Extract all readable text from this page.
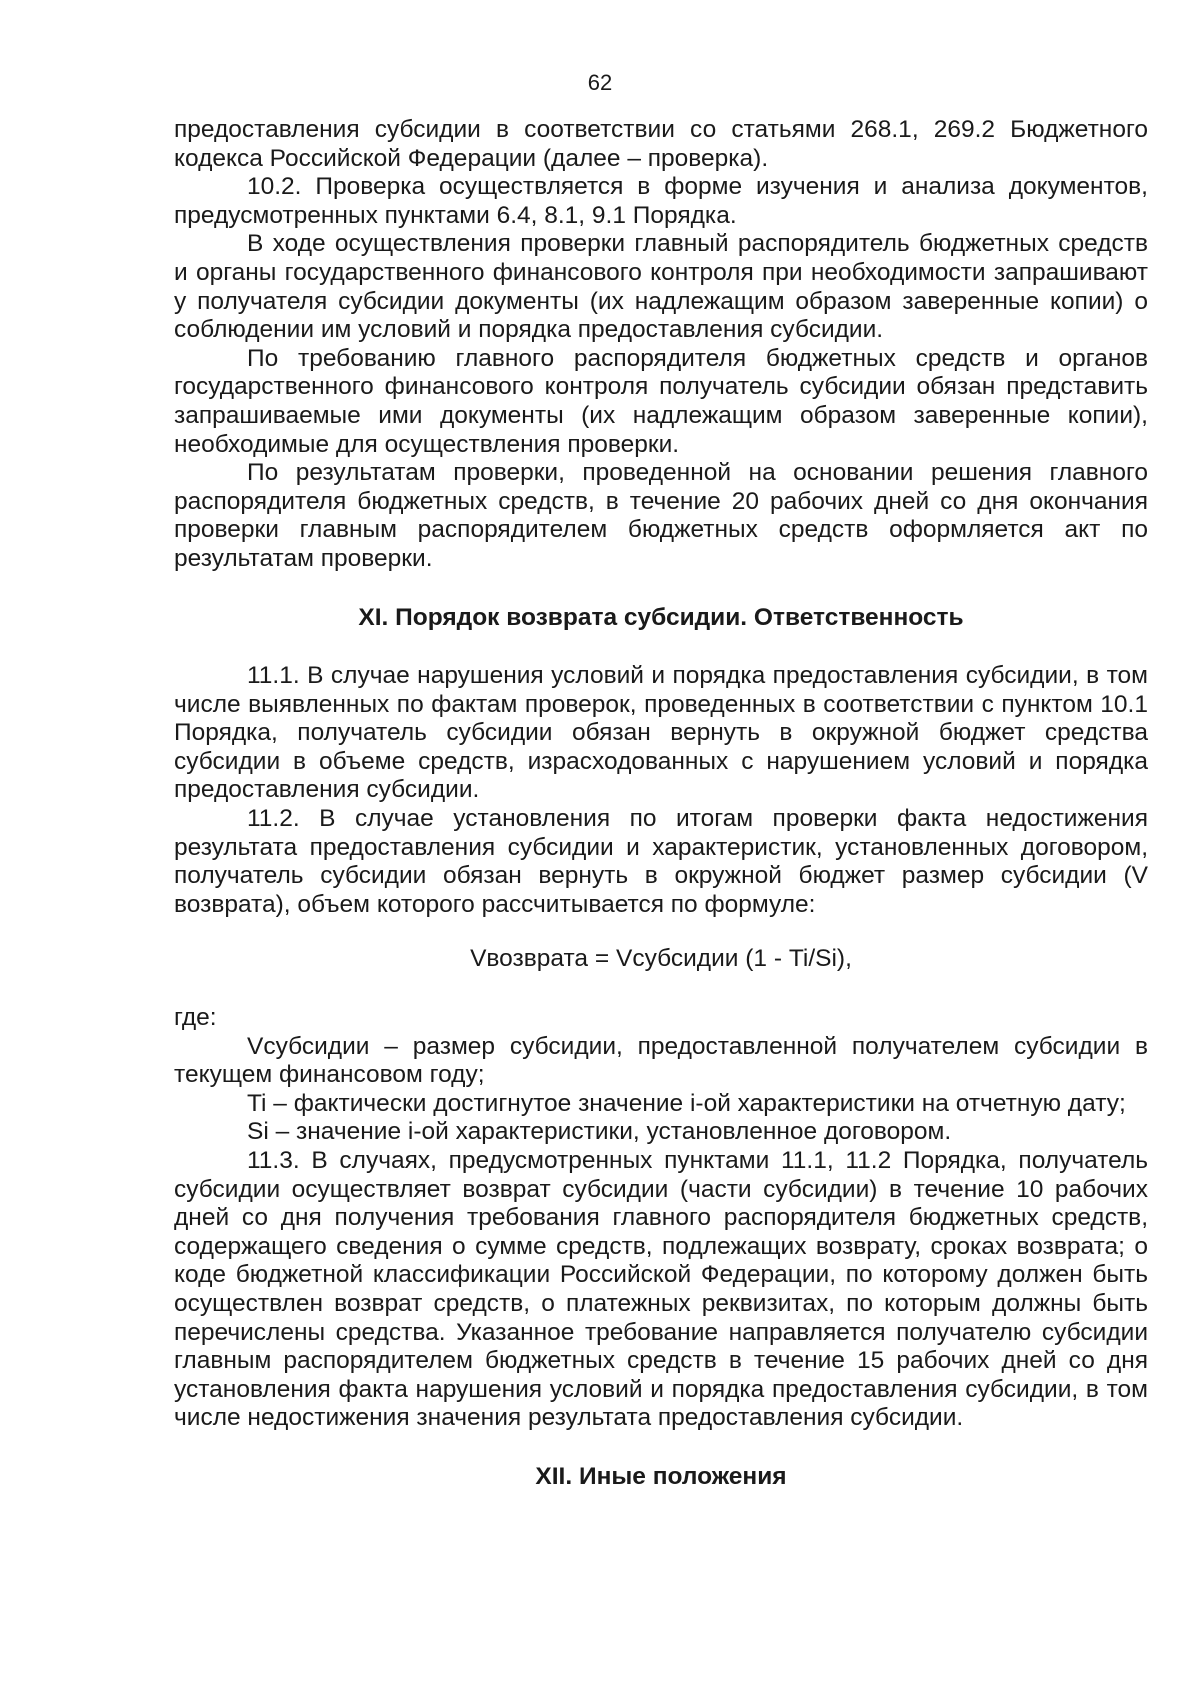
62

предоставления субсидии в соответствии со статьями 268.1, 269.2 Бюджетного кодекса Российской Федерации (далее – проверка).

10.2. Проверка осуществляется в форме изучения и анализа документов, предусмотренных пунктами 6.4, 8.1, 9.1 Порядка.

В ходе осуществления проверки главный распорядитель бюджетных средств и органы государственного финансового контроля при необходимости запрашивают у получателя субсидии документы (их надлежащим образом заверенные копии) о соблюдении им условий и порядка предоставления субсидии.

По требованию главного распорядителя бюджетных средств и органов государственного финансового контроля получатель субсидии обязан представить запрашиваемые ими документы (их надлежащим образом заверенные копии), необходимые для осуществления проверки.

По результатам проверки, проведенной на основании решения главного распорядителя бюджетных средств, в течение 20 рабочих дней со дня окончания проверки главным распорядителем бюджетных средств оформляется акт по результатам проверки.

XI. Порядок возврата субсидии. Ответственность

11.1. В случае нарушения условий и порядка предоставления субсидии, в том числе выявленных по фактам проверок, проведенных в соответствии с пунктом 10.1 Порядка, получатель субсидии обязан вернуть в окружной бюджет средства субсидии в объеме средств, израсходованных с нарушением условий и порядка предоставления субсидии.

11.2. В случае установления по итогам проверки факта недостижения результата предоставления субсидии и характеристик, установленных договором, получатель субсидии обязан вернуть в окружной бюджет размер субсидии (V возврата), объем которого рассчитывается по формуле:

Vвозврата = Vсубсидии (1 - Ti/Si),

где:

Vсубсидии – размер субсидии, предоставленной получателем субсидии в текущем финансовом году;

Ti – фактически достигнутое значение i-ой характеристики на отчетную дату;

Si – значение i-ой характеристики, установленное договором.

11.3. В случаях, предусмотренных пунктами 11.1, 11.2 Порядка, получатель субсидии осуществляет возврат субсидии (части субсидии) в течение 10 рабочих дней со дня получения требования главного распорядителя бюджетных средств, содержащего сведения о сумме средств, подлежащих возврату, сроках возврата; о коде бюджетной классификации Российской Федерации, по которому должен быть осуществлен возврат средств, о платежных реквизитах, по которым должны быть перечислены средства. Указанное требование направляется получателю субсидии главным распорядителем бюджетных средств в течение 15 рабочих дней со дня установления факта нарушения условий и порядка предоставления субсидии, в том числе недостижения значения результата предоставления субсидии.

XII. Иные положения
